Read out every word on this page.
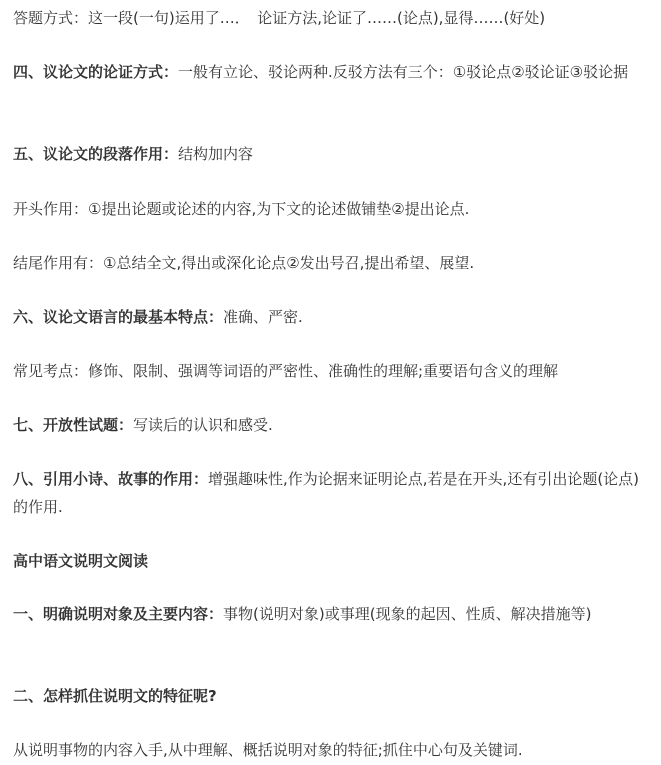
答题方式：这一段(一句)运用了…．　论证方法,论证了……(论点),显得……(好处)

四、议论文的论证方式：一般有立论、驳论两种.反驳方法有三个：①驳论点②驳论证③驳论据

五、议论文的段落作用：结构加内容

开头作用：①提出论题或论述的内容,为下文的论述做铺垫②提出论点.

结尾作用有：①总结全文,得出或深化论点②发出号召,提出希望、展望.

六、议论文语言的最基本特点：准确、严密.

常见考点：修饰、限制、强调等词语的严密性、准确性的理解;重要语句含义的理解

七、开放性试题：写读后的认识和感受.

八、引用小诗、故事的作用：增强趣味性,作为论据来证明论点,若是在开头,还有引出论题(论点)的作用.

高中语文说明文阅读

一、明确说明对象及主要内容：事物(说明对象)或事理(现象的起因、性质、解决措施等)

二、怎样抓住说明文的特征呢?

从说明事物的内容入手,从中理解、概括说明对象的特征;抓住中心句及关键词.
